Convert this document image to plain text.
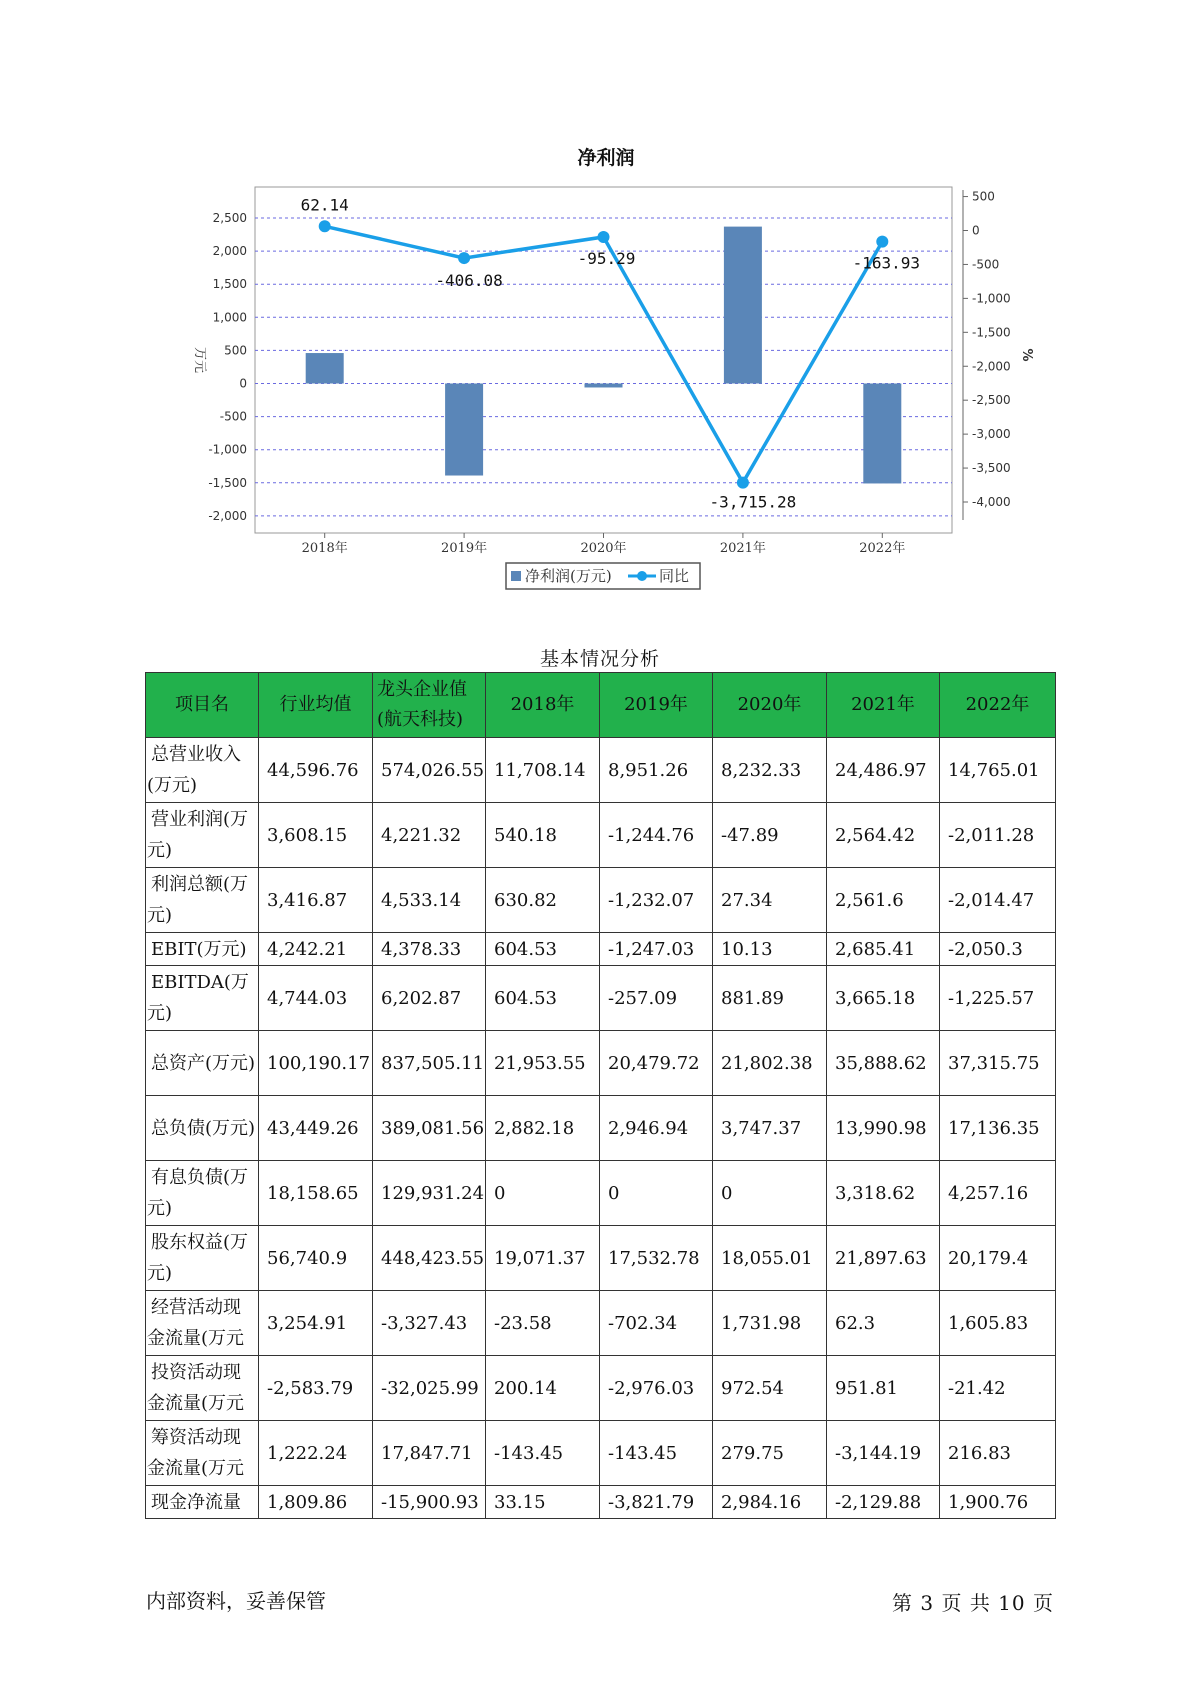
净利润
2,500
2,000
1,500
1,000
500
0
-500
-1,000
-1,500
-2,000
500
0
-500
-1,000
-1,500
-2,000
-2,500
-3,000
-3,500
-4,000
万元	%
2018年	2019年	2020年	2021年	2022年
62.14
-406.08
-95.29
-3,715.28
-163.93
净利润(万元)	同比
基本情况分析
项目名	行业均值	龙头企业值(航天科技)	2018年	2019年	2020年	2021年	2022年
总营业收入(万元)	44,596.76	574,026.55	11,708.14	8,951.26	8,232.33	24,486.97	14,765.01
营业利润(万元)	3,608.15	4,221.32	540.18	-1,244.76	-47.89	2,564.42	-2,011.28
利润总额(万元)	3,416.87	4,533.14	630.82	-1,232.07	27.34	2,561.6	-2,014.47
EBIT(万元)	4,242.21	4,378.33	604.53	-1,247.03	10.13	2,685.41	-2,050.3
EBITDA(万元)	4,744.03	6,202.87	604.53	-257.09	881.89	3,665.18	-1,225.57
总资产(万元)	100,190.17	837,505.11	21,953.55	20,479.72	21,802.38	35,888.62	37,315.75
总负债(万元)	43,449.26	389,081.56	2,882.18	2,946.94	3,747.37	13,990.98	17,136.35
有息负债(万元)	18,158.65	129,931.24	0	0	0	3,318.62	4,257.16
股东权益(万元)	56,740.9	448,423.55	19,071.37	17,532.78	18,055.01	21,897.63	20,179.4
经营活动现金流量(万元	3,254.91	-3,327.43	-23.58	-702.34	1,731.98	62.3	1,605.83
投资活动现金流量(万元	-2,583.79	-32,025.99	200.14	-2,976.03	972.54	951.81	-21.42
筹资活动现金流量(万元	1,222.24	17,847.71	-143.45	-143.45	279.75	-3,144.19	216.83
现金净流量	1,809.86	-15,900.93	33.15	-3,821.79	2,984.16	-2,129.88	1,900.76
内部资料，妥善保管	第 3 页 共 10 页
